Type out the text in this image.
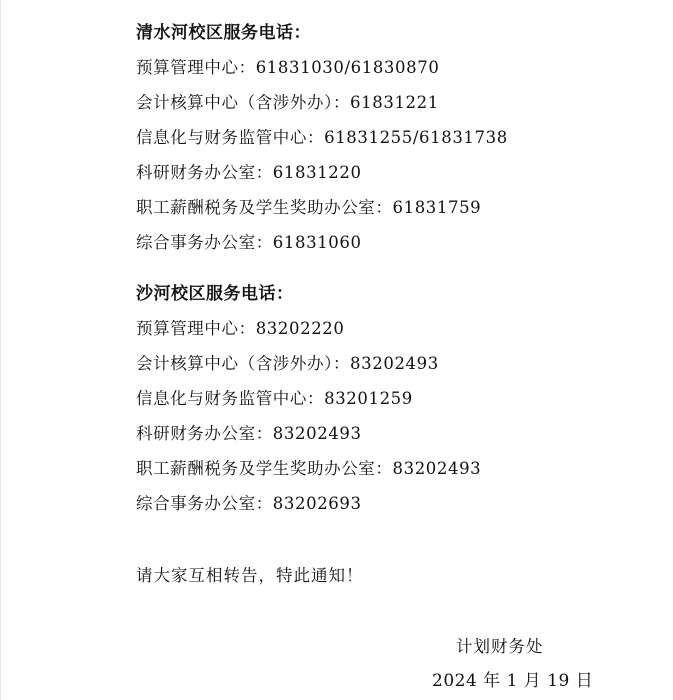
清水河校区服务电话：
预算管理中心：61831030/61830870
会计核算中心（含涉外办）：61831221
信息化与财务监管中心：61831255/61831738
科研财务办公室：61831220
职工薪酬税务及学生奖助办公室：61831759
综合事务办公室：61831060
沙河校区服务电话：
预算管理中心：83202220
会计核算中心（含涉外办）：83202493
信息化与财务监管中心：83201259
科研财务办公室：83202493
职工薪酬税务及学生奖助办公室：83202493
综合事务办公室：83202693
请大家互相转告，特此通知！
计划财务处
2024 年 1 月 19 日
